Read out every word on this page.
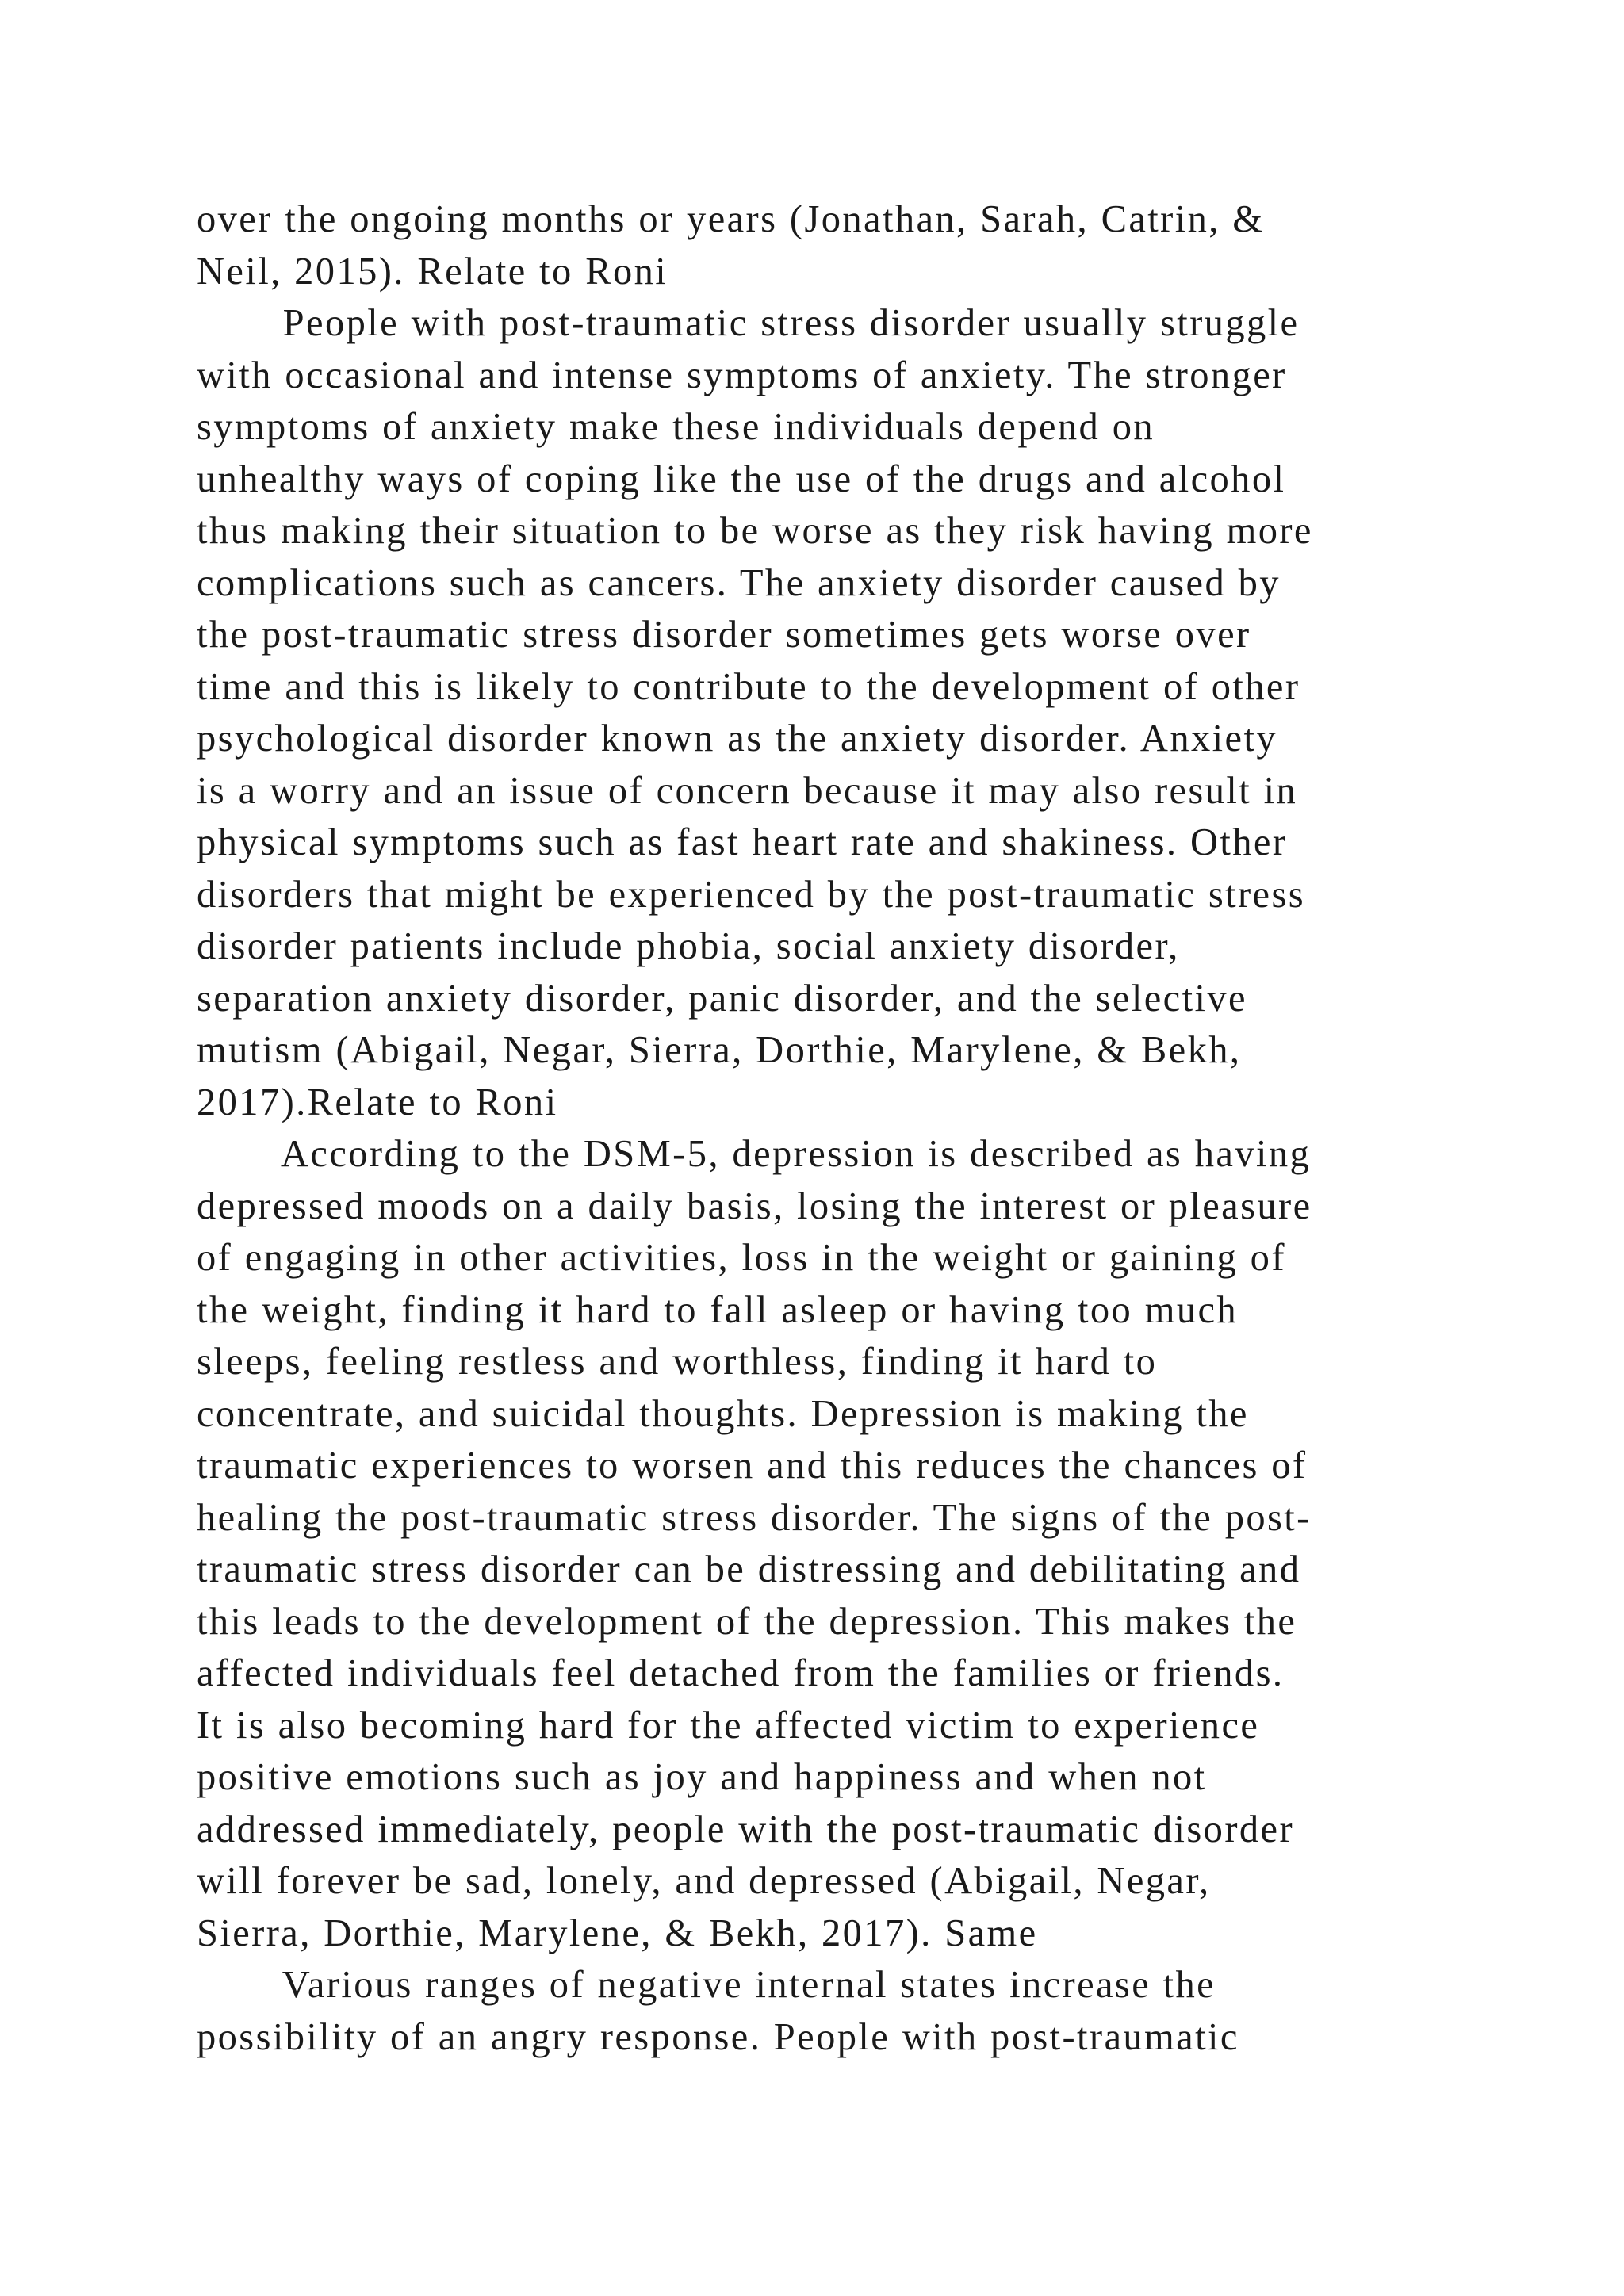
over the ongoing months or years (Jonathan, Sarah, Catrin, &
Neil, 2015). Relate to Roni
People with post-traumatic stress disorder usually struggle
with occasional and intense symptoms of anxiety. The stronger
symptoms of anxiety make these individuals depend on
unhealthy ways of coping like the use of the drugs and alcohol
thus making their situation to be worse as they risk having more
complications such as cancers. The anxiety disorder caused by
the post-traumatic stress disorder sometimes gets worse over
time and this is likely to contribute to the development of other
psychological disorder known as the anxiety disorder. Anxiety
is a worry and an issue of concern because it may also result in
physical symptoms such as fast heart rate and shakiness. Other
disorders that might be experienced by the post-traumatic stress
disorder patients include phobia, social anxiety disorder,
separation anxiety disorder, panic disorder, and the selective
mutism (Abigail, Negar, Sierra, Dorthie, Marylene, & Bekh,
2017).Relate to Roni
According to the DSM-5, depression is described as having
depressed moods on a daily basis, losing the interest or pleasure
of engaging in other activities, loss in the weight or gaining of
the weight, finding it hard to fall asleep or having too much
sleeps, feeling restless and worthless, finding it hard to
concentrate, and suicidal thoughts. Depression is making the
traumatic experiences to worsen and this reduces the chances of
healing the post-traumatic stress disorder. The signs of the post-
traumatic stress disorder can be distressing and debilitating and
this leads to the development of the depression. This makes the
affected individuals feel detached from the families or friends.
It is also becoming hard for the affected victim to experience
positive emotions such as joy and happiness and when not
addressed immediately, people with the post-traumatic disorder
will forever be sad, lonely, and depressed (Abigail, Negar,
Sierra, Dorthie, Marylene, & Bekh, 2017). Same
Various ranges of negative internal states increase the
possibility of an angry response. People with post-traumatic
